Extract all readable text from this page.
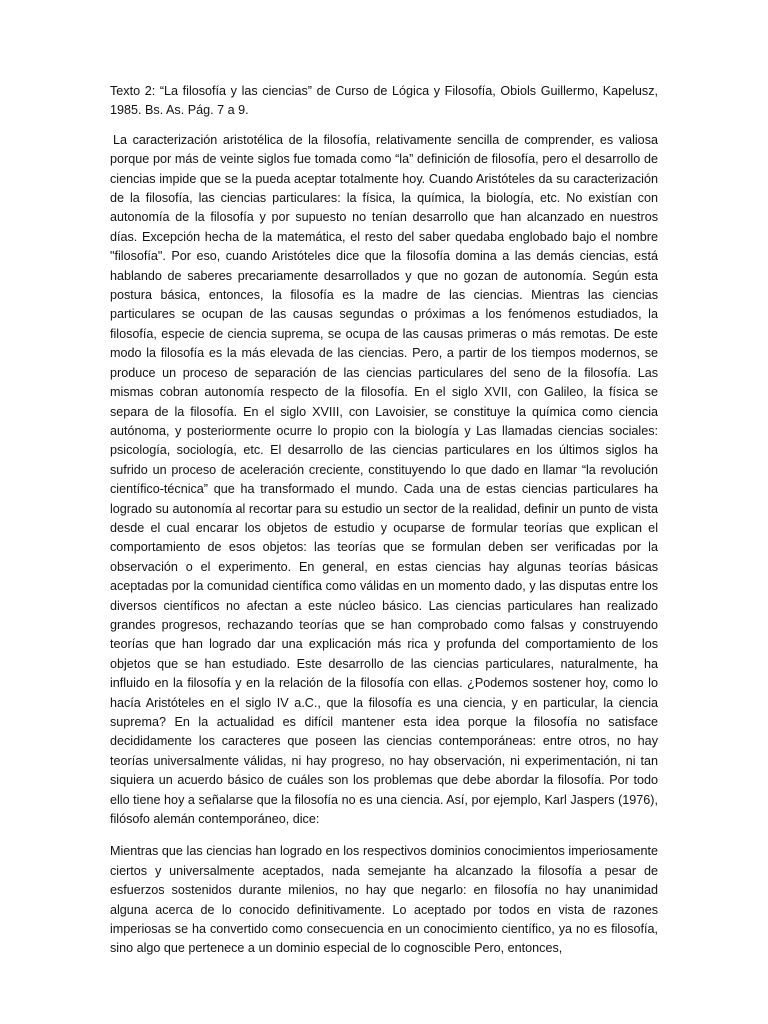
Texto 2: “La filosofía y las ciencias” de Curso de Lógica y Filosofía, Obiols Guillermo, Kapelusz, 1985. Bs. As. Pág. 7 a 9.

La caracterización aristotélica de la filosofía, relativamente sencilla de comprender, es valiosa porque por más de veinte siglos fue tomada como “la” definición de filosofía, pero el desarrollo de ciencias impide que se la pueda aceptar totalmente hoy. Cuando Aristóteles da su caracterización de la filosofía, las ciencias particulares: la física, la química, la biología, etc. No existían con autonomía de la filosofía y por supuesto no tenían desarrollo que han alcanzado en nuestros días. Excepción hecha de la matemática, el resto del saber quedaba englobado bajo el nombre "filosofía". Por eso, cuando Aristóteles dice que la filosofía domina a las demás ciencias, está hablando de saberes precariamente desarrollados y que no gozan de autonomía. Según esta postura básica, entonces, la filosofía es la madre de las ciencias. Mientras las ciencias particulares se ocupan de las causas segundas o próximas a los fenómenos estudiados, la filosofía, especie de ciencia suprema, se ocupa de las causas primeras o más remotas. De este modo la filosofía es la más elevada de las ciencias. Pero, a partir de los tiempos modernos, se produce un proceso de separación de las ciencias particulares del seno de la filosofía. Las mismas cobran autonomía respecto de la filosofía. En el siglo XVII, con Galileo, la física se separa de la filosofía. En el siglo XVIII, con Lavoisier, se constituye la química como ciencia autónoma, y posteriormente ocurre lo propio con la biología y Las llamadas ciencias sociales: psicología, sociología, etc. El desarrollo de las ciencias particulares en los últimos siglos ha sufrido un proceso de aceleración creciente, constituyendo lo que dado en llamar “la revolución científico-técnica” que ha transformado el mundo. Cada una de estas ciencias particulares ha logrado su autonomía al recortar para su estudio un sector de la realidad, definir un punto de vista desde el cual encarar los objetos de estudio y ocuparse de formular teorías que explican el comportamiento de esos objetos: las teorías que se formulan deben ser verificadas por la observación o el experimento. En general, en estas ciencias hay algunas teorías básicas aceptadas por la comunidad científica como válidas en un momento dado, y las disputas entre los diversos científicos no afectan a este núcleo básico. Las ciencias particulares han realizado grandes progresos, rechazando teorías que se han comprobado como falsas y construyendo teorías que han logrado dar una explicación más rica y profunda del comportamiento de los objetos que se han estudiado. Este desarrollo de las ciencias particulares, naturalmente, ha influido en la filosofía y en la relación de la filosofía con ellas. ¿Podemos sostener hoy, como lo hacía Aristóteles en el siglo IV a.C., que la filosofía es una ciencia, y en particular, la ciencia suprema? En la actualidad es difícil mantener esta idea porque la filosofía no satisface decididamente los caracteres que poseen las ciencias contemporáneas: entre otros, no hay teorías universalmente válidas, ni hay progreso, no hay observación, ni experimentación, ni tan siquiera un acuerdo básico de cuáles son los problemas que debe abordar la filosofía. Por todo ello tiene hoy a señalarse que la filosofía no es una ciencia. Así, por ejemplo, Karl Jaspers (1976), filósofo alemán contemporáneo, dice:

Mientras que las ciencias han logrado en los respectivos dominios conocimientos imperiosamente ciertos y universalmente aceptados, nada semejante ha alcanzado la filosofía a pesar de esfuerzos sostenidos durante milenios, no hay que negarlo: en filosofía no hay unanimidad alguna acerca de lo conocido definitivamente. Lo aceptado por todos en vista de razones imperiosas se ha convertido como consecuencia en un conocimiento científico, ya no es filosofía, sino algo que pertenece a un dominio especial de lo cognoscible Pero, entonces,
